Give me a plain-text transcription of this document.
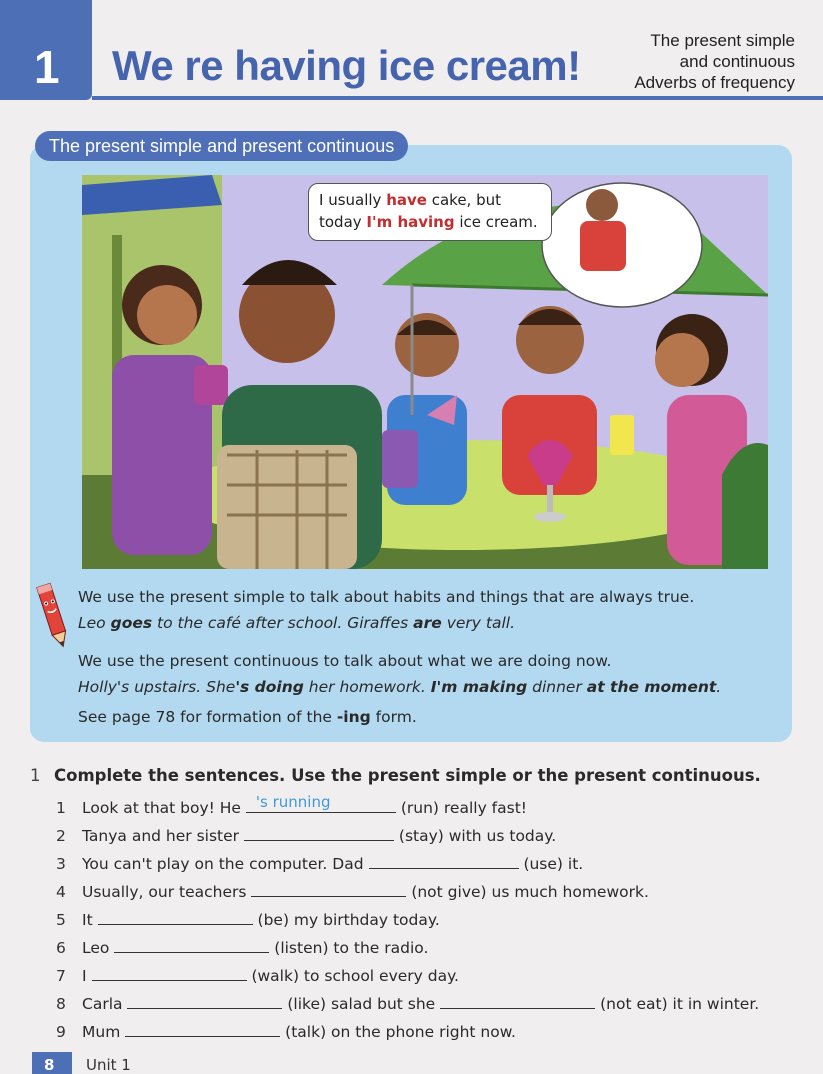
1 We re having ice cream!
The present simple
and continuous
Adverbs of frequency
The present simple and present continuous
I usually have cake, but
today I'm having ice cream.

We use the present simple to talk about habits and things that are always true.

Leo goes to the café after school. Giraffes are very tall.

We use the present continuous to talk about what we are doing now.

Holly's upstairs. She's doing her homework. I'm making dinner at the moment.

See page 78 for formation of the -ing form.

1 Complete the sentences. Use the present simple or the present continuous.
1 Look at that boy! He 's running	(run) really fast!
2 Tanya and her sister	(stay) with us today.
3 You can't play on the computer. Dad	(use) it.
4 Usually, our teachers	(not give) us much homework.
5 It	(be) my birthday today.
6 Leo	(listen) to the radio.
7 I	(walk) to school every day.
8 Carla	(like) salad but she	(not eat) it in winter.
9 Mum	(talk) on the phone right now.
8 Unit 1
